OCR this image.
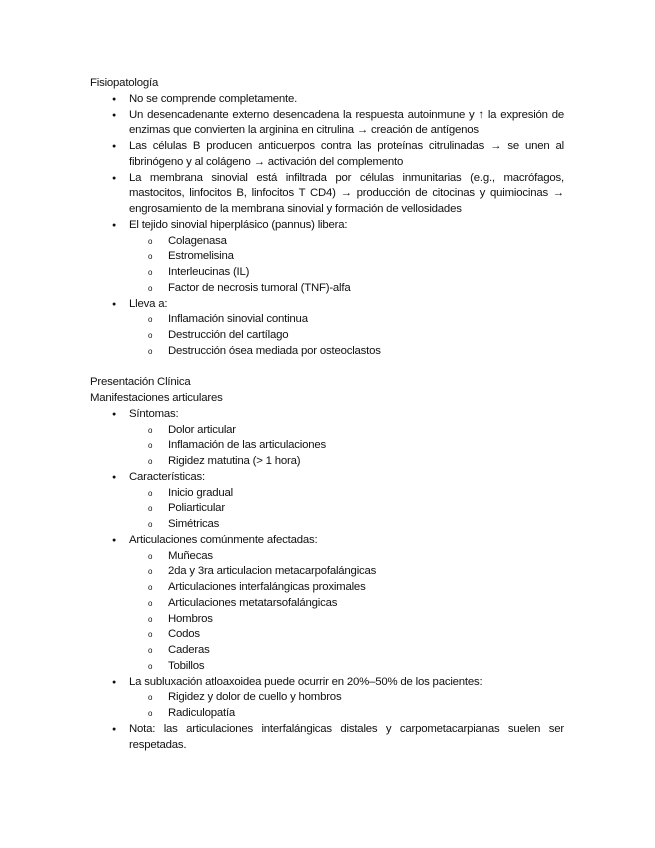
Fisiopatología

● No se comprende completamente.
● Un desencadenante externo desencadena la respuesta autoinmune y ↑ la expresión de enzimas que convierten la arginina en citrulina → creación de antígenos
● Las células B producen anticuerpos contra las proteínas citrulinadas → se unen al fibrinógeno y al colágeno → activación del complemento
● La membrana sinovial está infiltrada por células inmunitarias (e.g., macrófagos, mastocitos, linfocitos B, linfocitos T CD4) → producción de citocinas y quimiocinas → engrosamiento de la membrana sinovial y formación de vellosidades
● El tejido sinovial hiperplásico (pannus) libera:
o Colagenasa
o Estromelisina
o Interleucinas (IL)
o Factor de necrosis tumoral (TNF)-alfa
● Lleva a:
o Inflamación sinovial continua
o Destrucción del cartílago
o Destrucción ósea mediada por osteoclastos

Presentación Clínica

Manifestaciones articulares

● Síntomas:
o Dolor articular
o Inflamación de las articulaciones
o Rigidez matutina (> 1 hora)
● Características:
o Inicio gradual
o Poliarticular
o Simétricas
● Articulaciones comúnmente afectadas:
o Muñecas
o 2da y 3ra articulacion metacarpofalángicas
o Articulaciones interfalángicas proximales
o Articulaciones metatarsofalángicas
o Hombros
o Codos
o Caderas
o Tobillos
● La subluxación atloaxoidea puede ocurrir en 20%–50% de los pacientes:
o Rigidez y dolor de cuello y hombros
o Radiculopatía
● Nota: las articulaciones interfalángicas distales y carpometacarpianas suelen ser respetadas.
